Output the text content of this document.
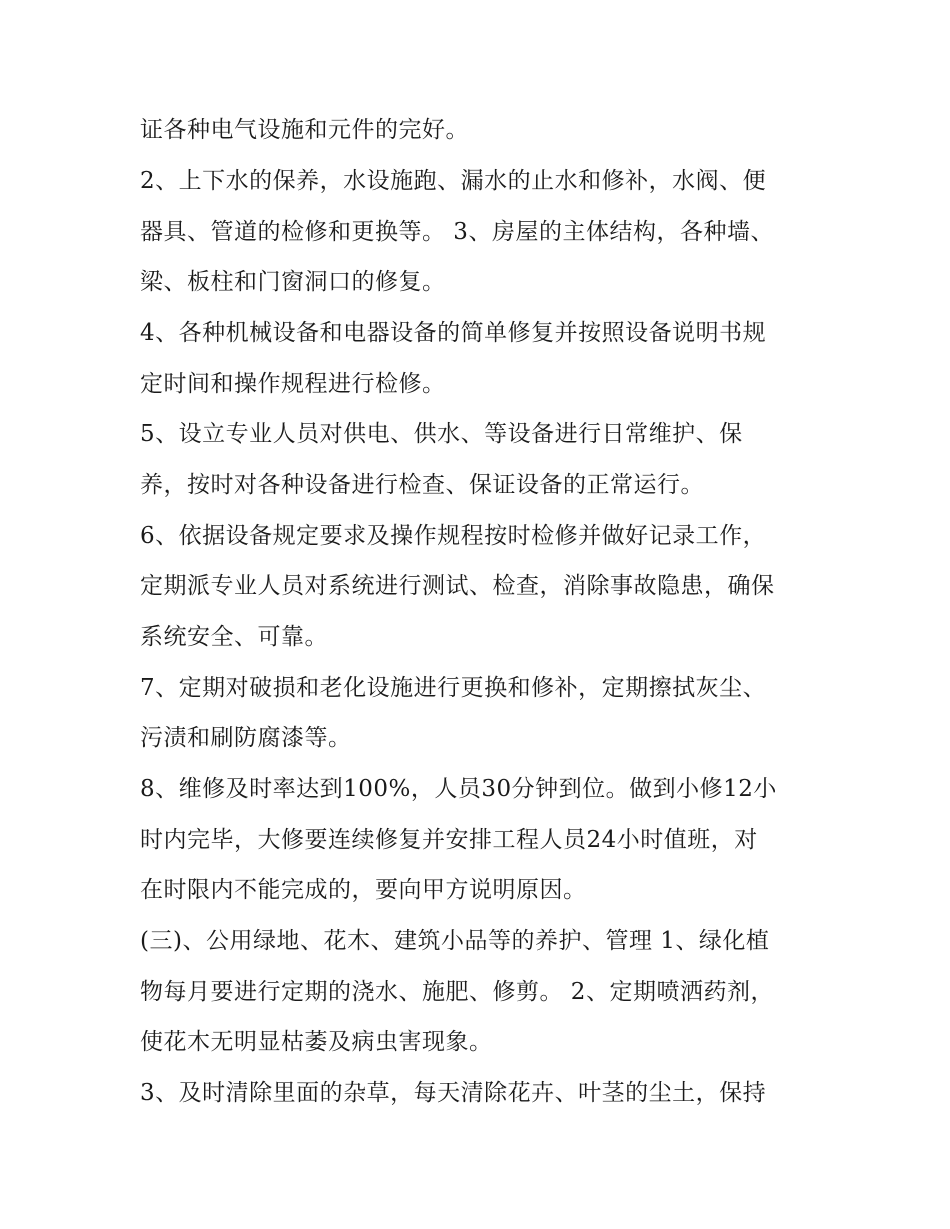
证各种电气设施和元件的完好。
2、上下水的保养，水设施跑、漏水的止水和修补，水阀、便
器具、管道的检修和更换等。 3、房屋的主体结构，各种墙、
梁、板柱和门窗洞口的修复。
4、各种机械设备和电器设备的简单修复并按照设备说明书规
定时间和操作规程进行检修。
5、设立专业人员对供电、供水、等设备进行日常维护、保
养，按时对各种设备进行检查、保证设备的正常运行。
6、依据设备规定要求及操作规程按时检修并做好记录工作，
定期派专业人员对系统进行测试、检查，消除事故隐患，确保
系统安全、可靠。
7、定期对破损和老化设施进行更换和修补，定期擦拭灰尘、
污渍和刷防腐漆等。
8、维修及时率达到100%，人员30分钟到位。做到小修12小
时内完毕，大修要连续修复并安排工程人员24小时值班，对
在时限内不能完成的，要向甲方说明原因。
(三)、公用绿地、花木、建筑小品等的养护、管理 1、绿化植
物每月要进行定期的浇水、施肥、修剪。 2、定期喷洒药剂，
使花木无明显枯萎及病虫害现象。
3、及时清除里面的杂草，每天清除花卉、叶茎的尘土，保持
